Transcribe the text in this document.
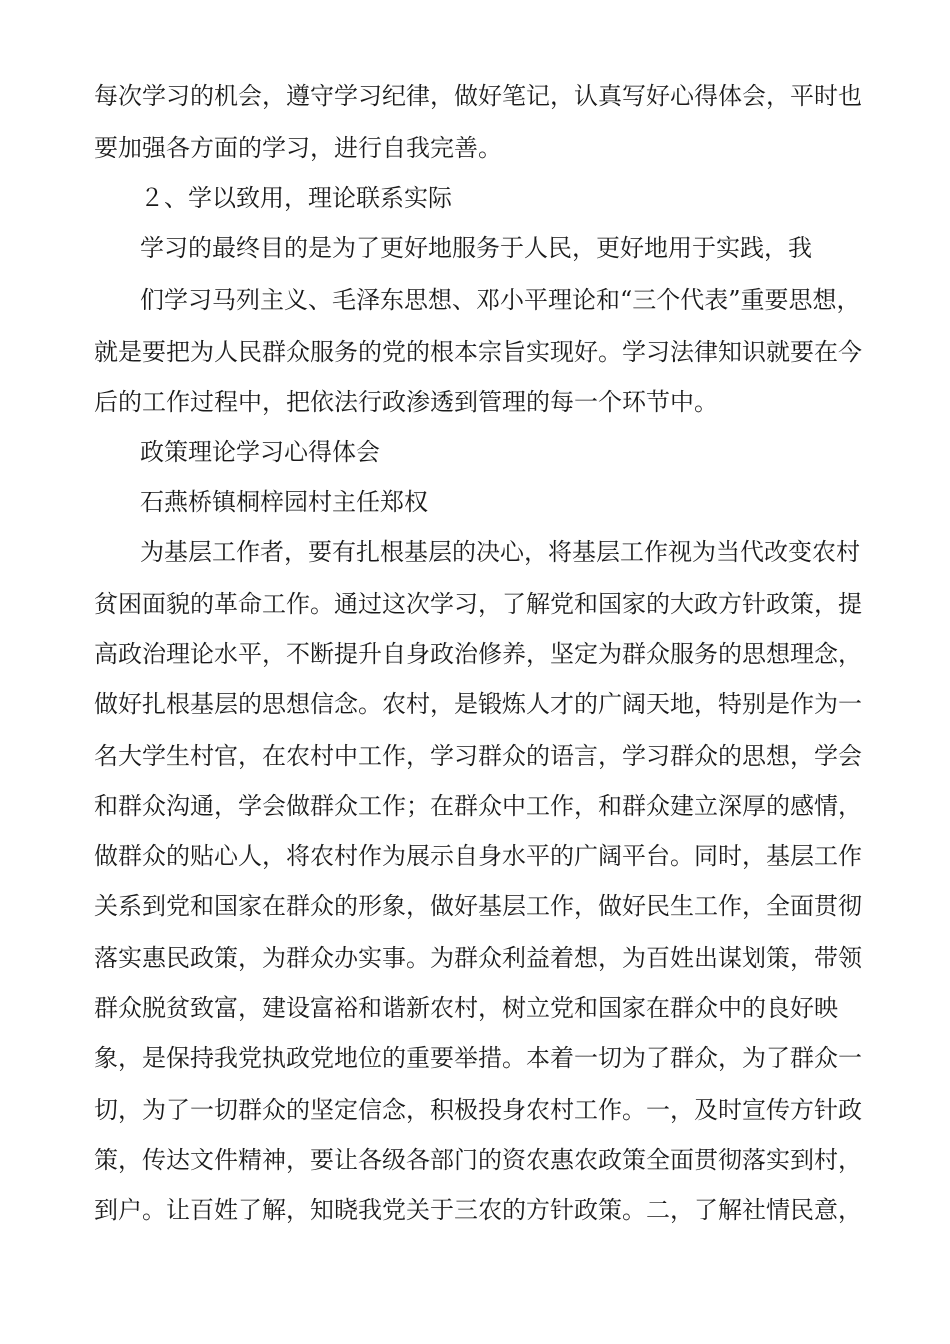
每次学习的机会，遵守学习纪律，做好笔记，认真写好心得体会，平时也
要加强各方面的学习，进行自我完善。
２、学以致用，理论联系实际
学习的最终目的是为了更好地服务于人民，更好地用于实践，我
们学习马列主义、毛泽东思想、邓小平理论和“三个代表”重要思想，
就是要把为人民群众服务的党的根本宗旨实现好。学习法律知识就要在今
后的工作过程中，把依法行政渗透到管理的每一个环节中。
政策理论学习心得体会
石燕桥镇桐梓园村主任郑权
为基层工作者，要有扎根基层的决心，将基层工作视为当代改变农村
贫困面貌的革命工作。通过这次学习，了解党和国家的大政方针政策，提
高政治理论水平，不断提升自身政治修养，坚定为群众服务的思想理念，
做好扎根基层的思想信念。农村，是锻炼人才的广阔天地，特别是作为一
名大学生村官，在农村中工作，学习群众的语言，学习群众的思想，学会
和群众沟通，学会做群众工作；在群众中工作，和群众建立深厚的感情，
做群众的贴心人，将农村作为展示自身水平的广阔平台。同时，基层工作
关系到党和国家在群众的形象，做好基层工作，做好民生工作，全面贯彻
落实惠民政策，为群众办实事。为群众利益着想，为百姓出谋划策，带领
群众脱贫致富，建设富裕和谐新农村，树立党和国家在群众中的良好映
象，是保持我党执政党地位的重要举措。本着一切为了群众，为了群众一
切，为了一切群众的坚定信念，积极投身农村工作。一，及时宣传方针政
策，传达文件精神，要让各级各部门的资农惠农政策全面贯彻落实到村，
到户。让百姓了解，知晓我党关于三农的方针政策。二，了解社情民意，
